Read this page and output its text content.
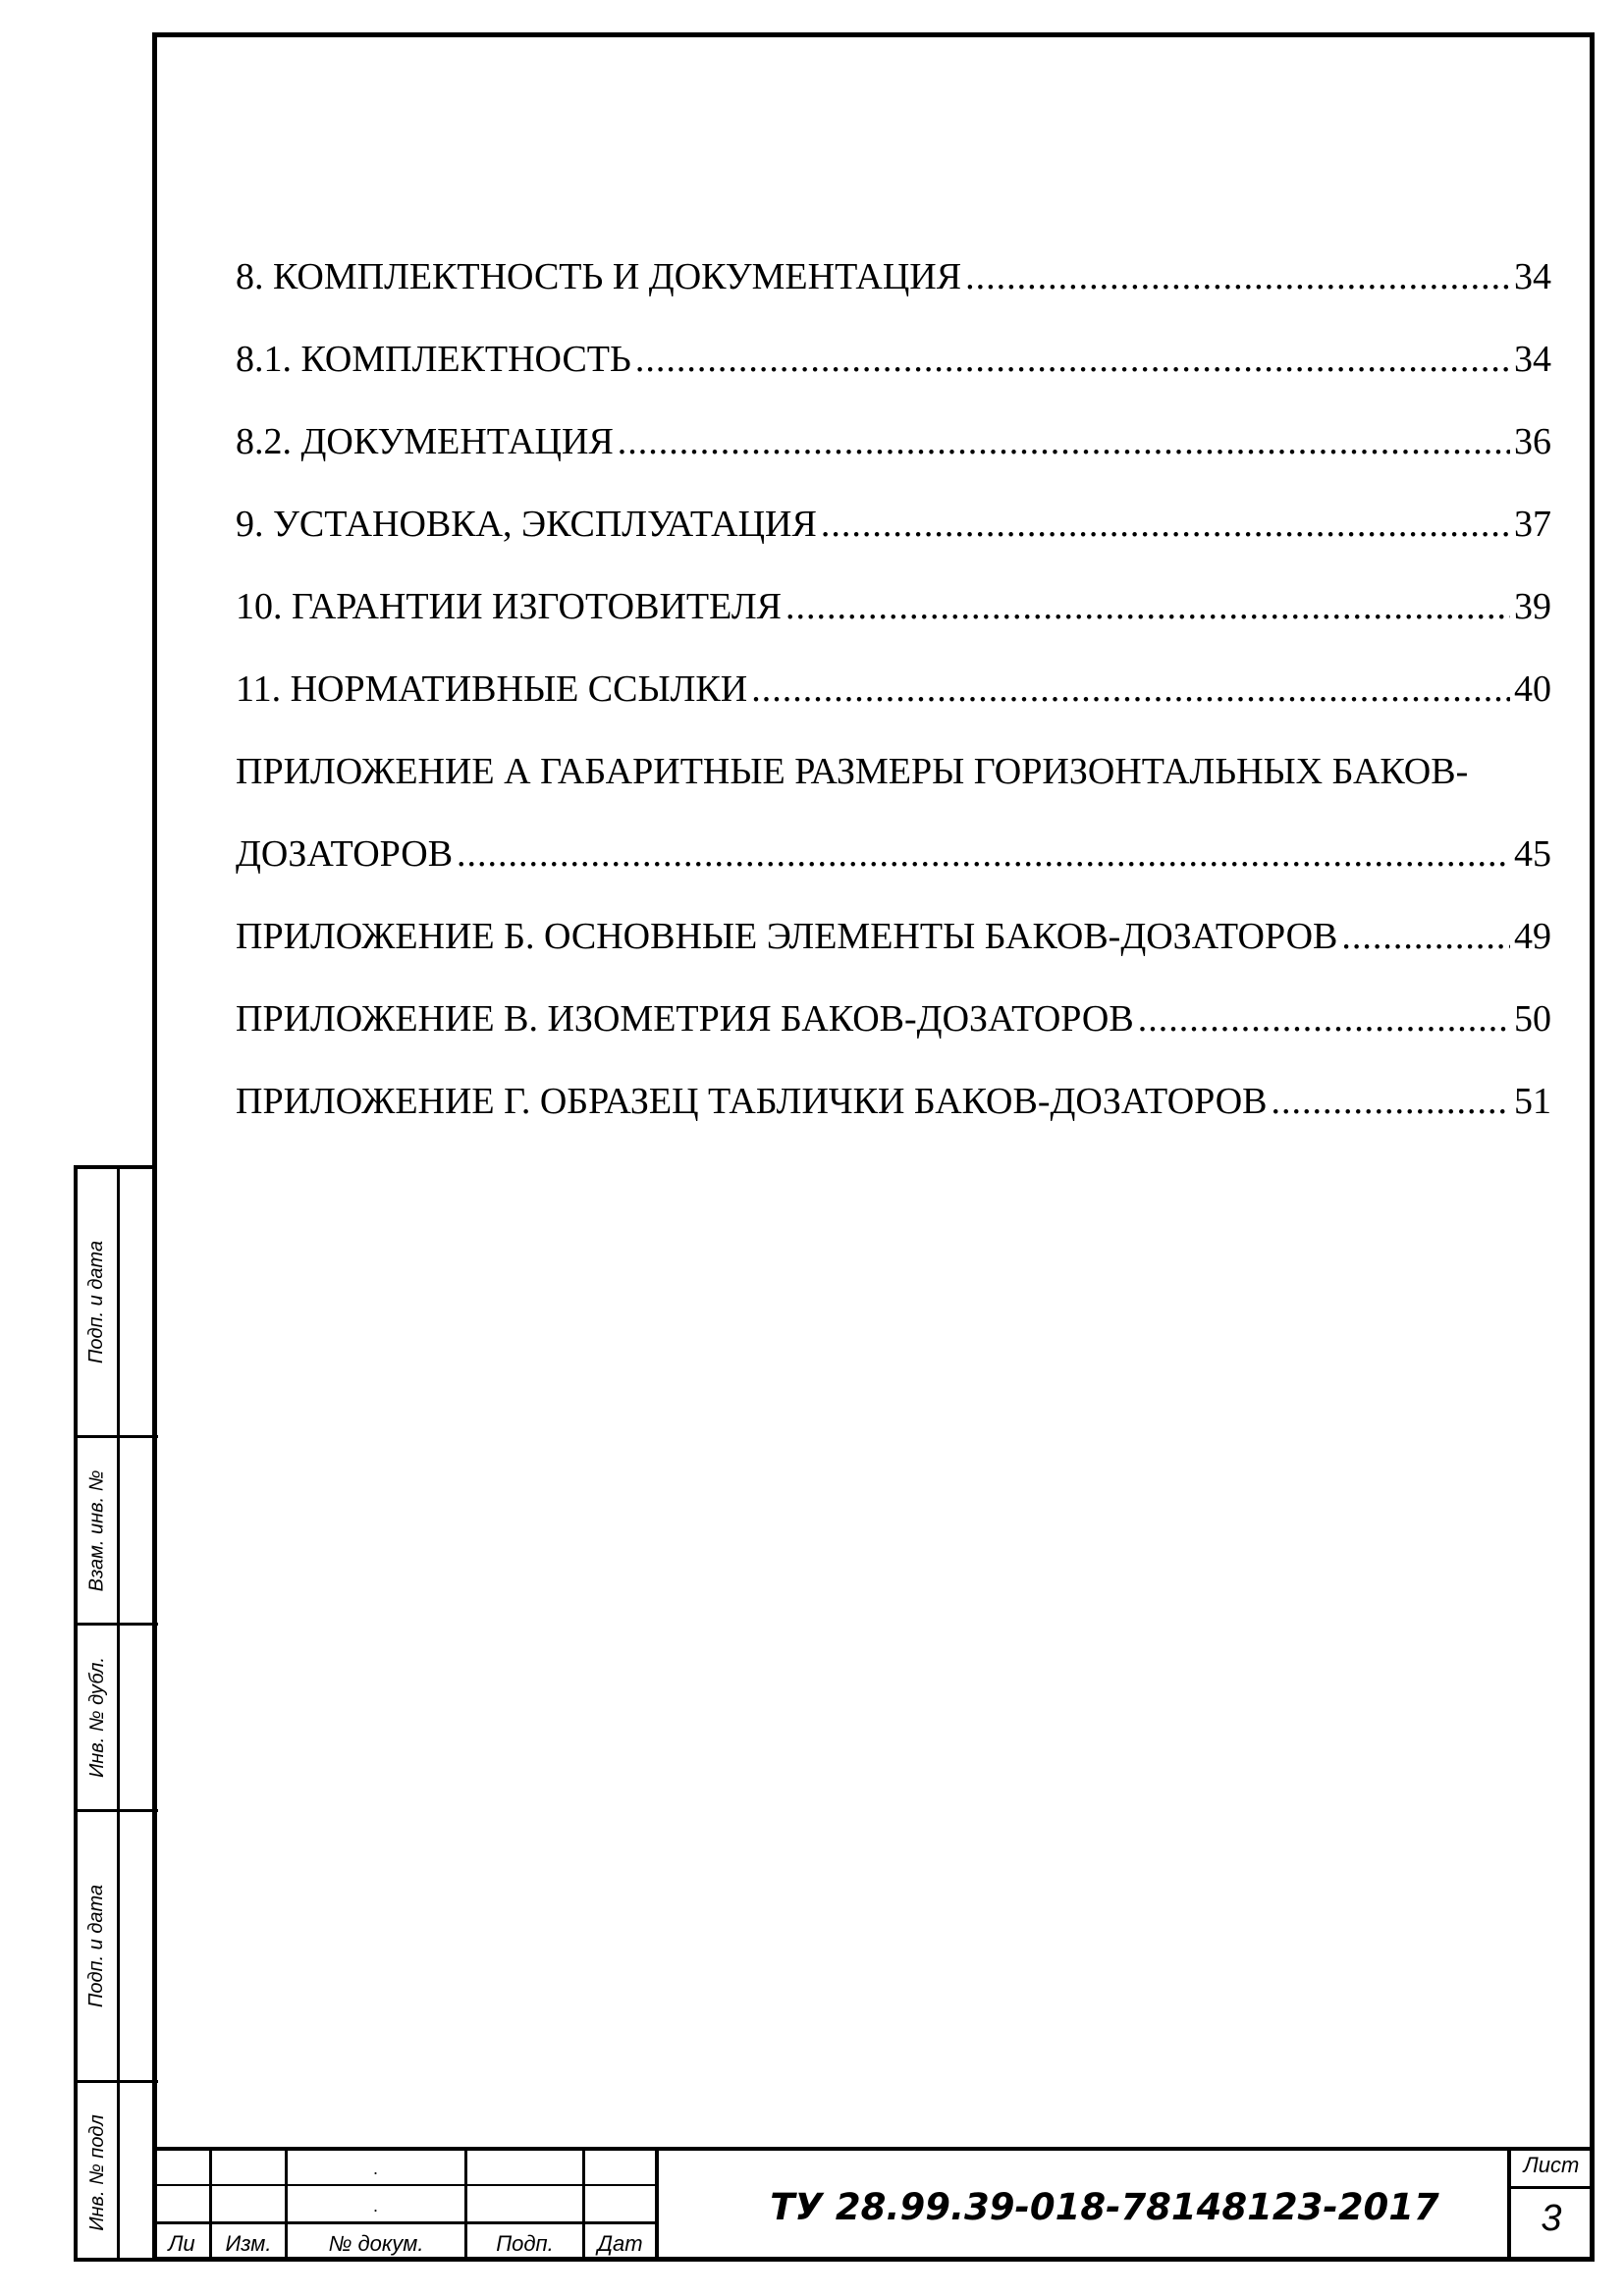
8. КОМПЛЕКТНОСТЬ И ДОКУМЕНТАЦИЯ .....	34
8.1. КОМПЛЕКТНОСТЬ .....	34
8.2. ДОКУМЕНТАЦИЯ .....	36
9. УСТАНОВКА, ЭКСПЛУАТАЦИЯ .....	37
10. ГАРАНТИИ ИЗГОТОВИТЕЛЯ .....	39
11. НОРМАТИВНЫЕ ССЫЛКИ .....	40
ПРИЛОЖЕНИЕ А ГАБАРИТНЫЕ РАЗМЕРЫ ГОРИЗОНТАЛЬНЫХ БАКОВ-
ДОЗАТОРОВ .....	45
ПРИЛОЖЕНИЕ Б. ОСНОВНЫЕ ЭЛЕМЕНТЫ БАКОВ-ДОЗАТОРОВ .....	49
ПРИЛОЖЕНИЕ В. ИЗОМЕТРИЯ БАКОВ-ДОЗАТОРОВ .....	50
ПРИЛОЖЕНИЕ Г. ОБРАЗЕЦ ТАБЛИЧКИ БАКОВ-ДОЗАТОРОВ .....	51
Подп. и дата
Взам. инв. №
Инв. № дубл.
Подп. и дата
Инв. № подл	.
.
Ли	Изм.	№ докум.	Подп.	Дат
ТУ 28.99.39-018-78148123-2017
Лист
3
